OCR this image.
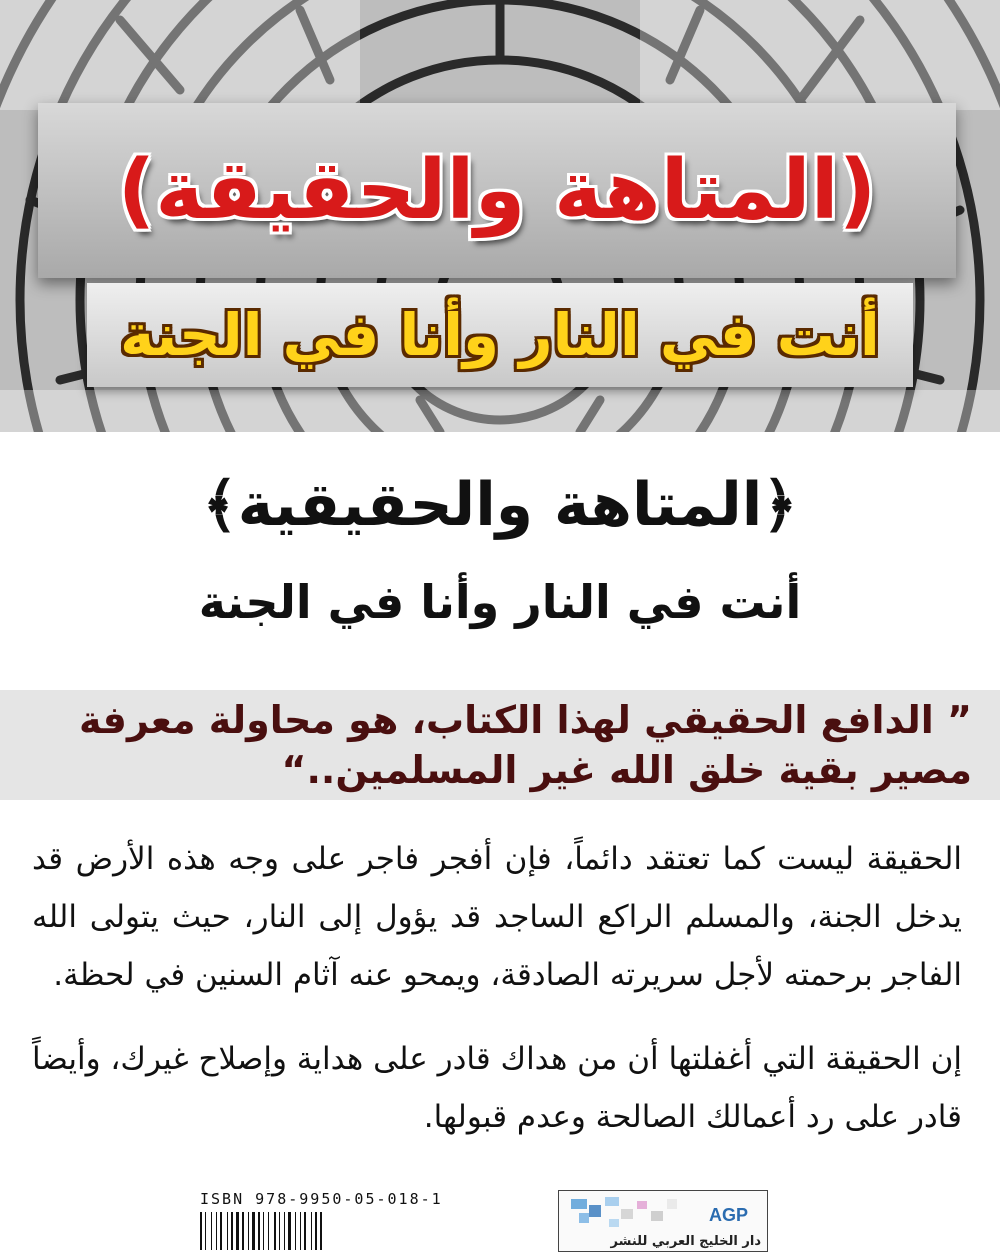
(المتاهة والحقيقة)
أنت في النار وأنا في الجنة
﴿المتاهة والحقيقية﴾
أنت في النار وأنا في الجنة
” الدافع الحقيقي لهذا الكتاب، هو محاولة معرفة مصير بقية خلق الله غير المسلمين..“
الحقيقة ليست كما تعتقد دائماً، فإن أفجر فاجر على وجه هذه الأرض قد يدخل الجنة، والمسلم الراكع الساجد قد يؤول إلى النار، حيث يتولى الله الفاجر برحمته لأجل سريرته الصادقة، ويمحو عنه آثام السنين في لحظة.
إن الحقيقة التي أغفلتها أن من هداك قادر على هداية وإصلاح غيرك، وأيضاً قادر على رد أعمالك الصالحة وعدم قبولها.
ISBN 978-9950-05-018-1
AGP
دار الخليج العربي للنشر
